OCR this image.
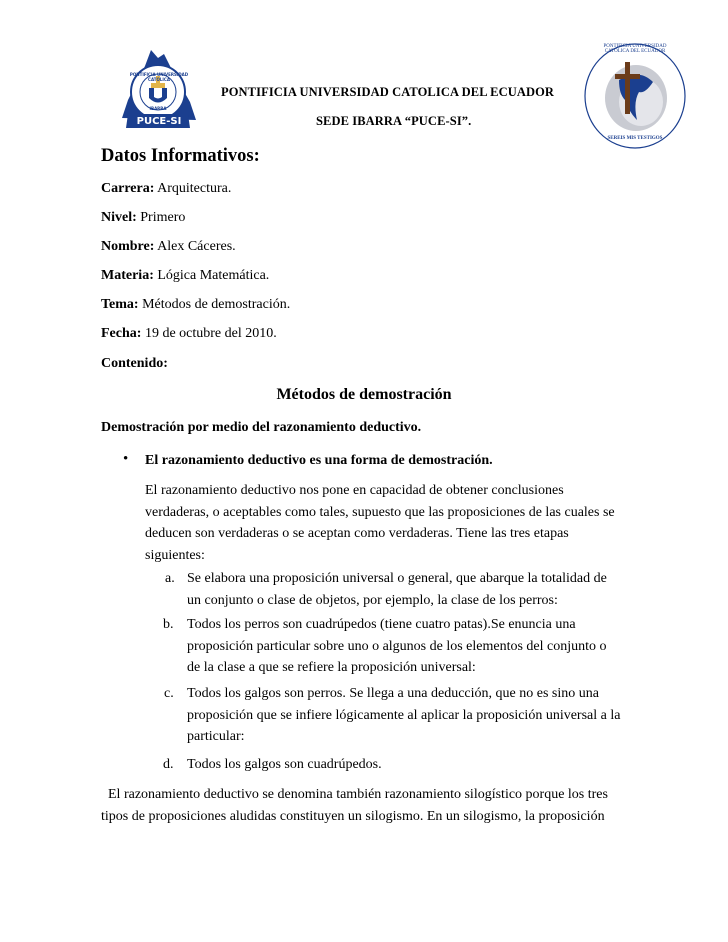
PONTIFICIA UNIVERSIDAD CATOLICA
IBARRA
PUCE-SI
PONTIFICIA UNIVERSIDAD CATOLICA DEL ECUADOR
SEREIS MIS TESTIGOS
PONTIFICIA UNIVERSIDAD CATOLICA DEL ECUADOR
SEDE IBARRA “PUCE-SI”.
Datos Informativos:
Carrera: Arquitectura.
Nivel: Primero
Nombre: Alex Cáceres.
Materia: Lógica Matemática.
Tema: Métodos de demostración.
Fecha: 19 de octubre del 2010.
Contenido:
Métodos de demostración
Demostración por medio del razonamiento deductivo.
• El razonamiento deductivo es una forma de demostración.
El razonamiento deductivo nos pone en capacidad de obtener conclusiones
verdaderas, o aceptables como tales, supuesto que las proposiciones de las cuales se
deducen son verdaderas o se aceptan como verdaderas. Tiene las tres etapas
siguientes:
a. Se elabora una proposición universal o general, que abarque la totalidad de
un conjunto o clase de objetos, por ejemplo, la clase de los perros:
b. Todos los perros son cuadrúpedos (tiene cuatro patas).Se enuncia una
proposición particular sobre uno o algunos de los elementos del conjunto o
de la clase a que se refiere la proposición universal:
c. Todos los galgos son perros. Se llega a una deducción, que no es sino una
proposición que se infiere lógicamente al aplicar la proposición universal a la
particular:
d. Todos los galgos son cuadrúpedos.
El razonamiento deductivo se denomina también razonamiento silogístico porque los tres
tipos de proposiciones aludidas constituyen un silogismo. En un silogismo, la proposición
